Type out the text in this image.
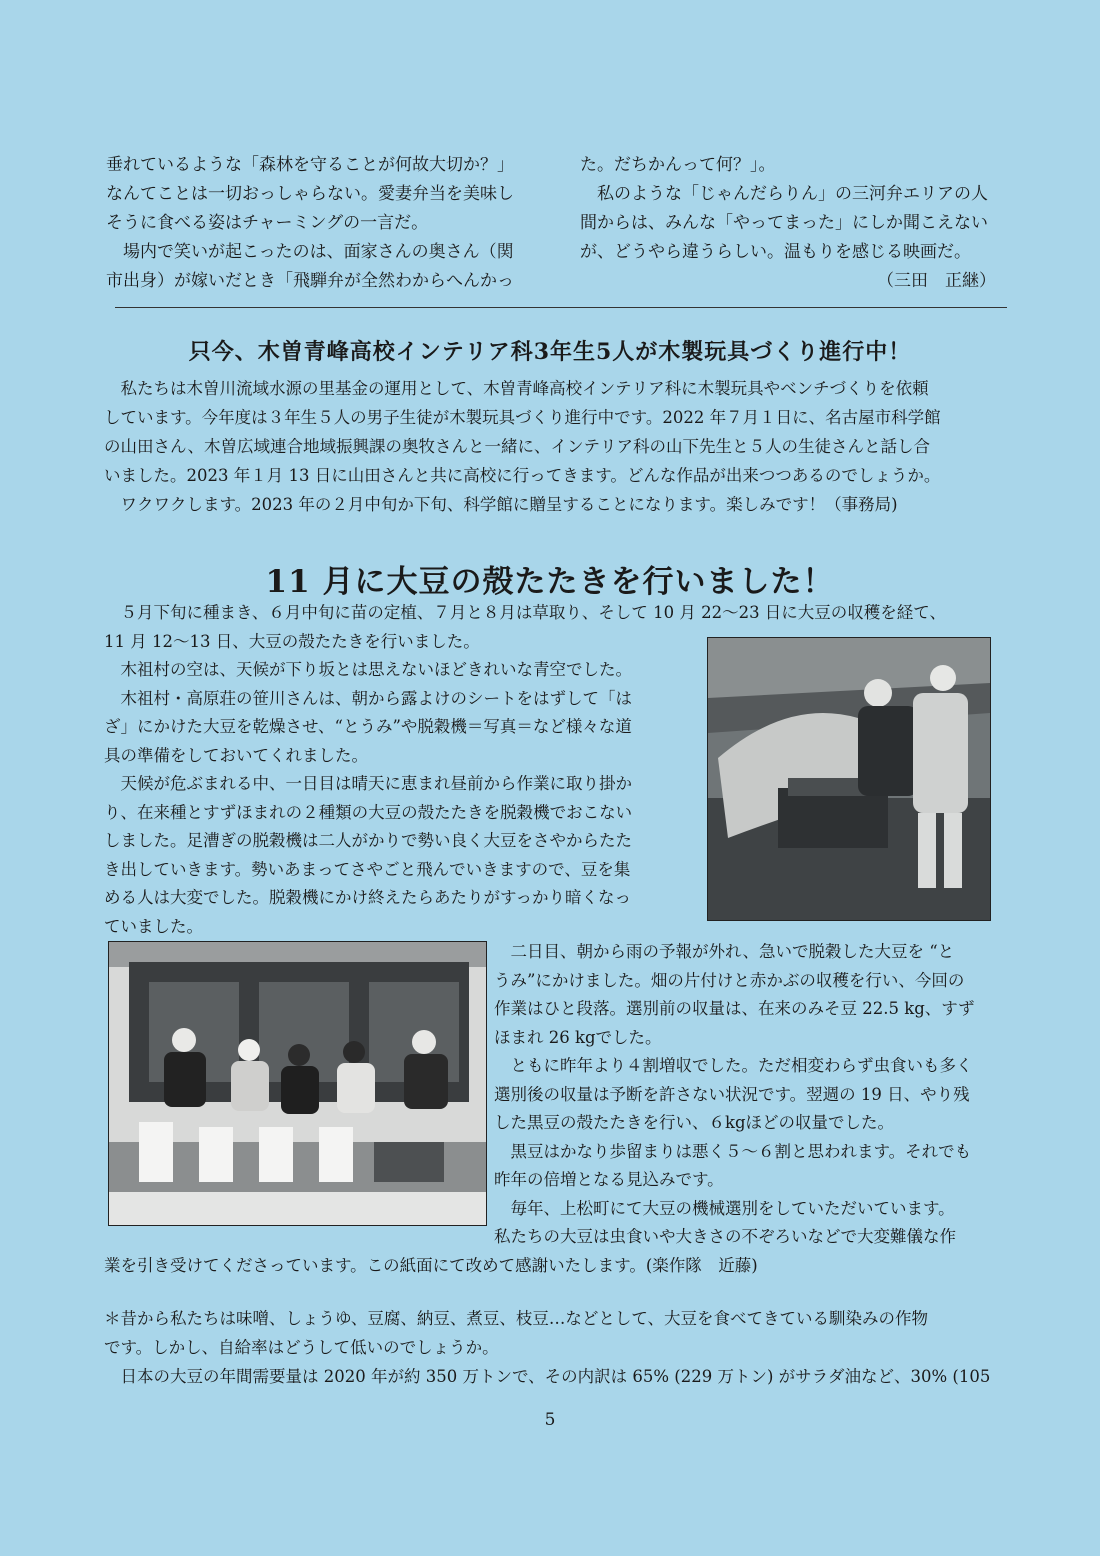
垂れているような「森林を守ることが何故大切か？」

なんてことは一切おっしゃらない。愛妻弁当を美味し

そうに食べる姿はチャーミングの一言だ。

場内で笑いが起こったのは、面家さんの奥さん（関

市出身）が嫁いだとき「飛騨弁が全然わからへんかっ

た。だちかんって何？」。

私のような「じゃんだらりん」の三河弁エリアの人

間からは、みんな「やってまった」にしか聞こえない

が、どうやら違うらしい。温もりを感じる映画だ。

（三田　正継）

只今、木曽青峰高校インテリア科3年生5人が木製玩具づくり進行中！

私たちは木曽川流域水源の里基金の運用として、木曽青峰高校インテリア科に木製玩具やベンチづくりを依頼

しています。今年度は３年生５人の男子生徒が木製玩具づくり進行中です。2022 年７月１日に、名古屋市科学館

の山田さん、木曽広域連合地域振興課の奥牧さんと一緒に、インテリア科の山下先生と５人の生徒さんと話し合

いました。2023 年１月 13 日に山田さんと共に高校に行ってきます。どんな作品が出来つつあるのでしょうか。

ワクワクします。2023 年の２月中旬か下旬、科学館に贈呈することになります。楽しみです！（事務局)

11 月に大豆の殻たたきを行いました！

５月下旬に種まき、６月中旬に苗の定植、７月と８月は草取り、そして 10 月 22〜23 日に大豆の収穫を経て、

11 月 12〜13 日、大豆の殻たたきを行いました。

木祖村の空は、天候が下り坂とは思えないほどきれいな青空でした。

木祖村・高原荘の笹川さんは、朝から露よけのシートをはずして「は

ざ」にかけた大豆を乾燥させ、“とうみ”や脱穀機＝写真＝など様々な道

具の準備をしておいてくれました。

天候が危ぶまれる中、一日目は晴天に恵まれ昼前から作業に取り掛か

り、在来種とすずほまれの２種類の大豆の殻たたきを脱穀機でおこない

しました。足漕ぎの脱穀機は二人がかりで勢い良く大豆をさやからたた

き出していきます。勢いあまってさやごと飛んでいきますので、豆を集

める人は大変でした。脱穀機にかけ終えたらあたりがすっかり暗くなっ

ていました。

二日目、朝から雨の予報が外れ、急いで脱穀した大豆を “と

うみ”にかけました。畑の片付けと赤かぶの収穫を行い、今回の

作業はひと段落。選別前の収量は、在来のみそ豆 22.5 kg、すず

ほまれ 26 kgでした。

ともに昨年より４割増収でした。ただ相変わらず虫食いも多く

選別後の収量は予断を許さない状況です。翌週の 19 日、やり残

した黒豆の殻たたきを行い、６kgほどの収量でした。

黒豆はかなり歩留まりは悪く５〜６割と思われます。それでも

昨年の倍増となる見込みです。

毎年、上松町にて大豆の機械選別をしていただいています。

私たちの大豆は虫食いや大きさの不ぞろいなどで大変難儀な作

業を引き受けてくださっています。この紙面にて改めて感謝いたします。(楽作隊　近藤)

＊昔から私たちは味噌、しょうゆ、豆腐、納豆、煮豆、枝豆…などとして、大豆を食べてきている馴染みの作物

です。しかし、自給率はどうして低いのでしょうか。

日本の大豆の年間需要量は 2020 年が約 350 万トンで、その内訳は 65% (229 万トン) がサラダ油など、30% (105

5
